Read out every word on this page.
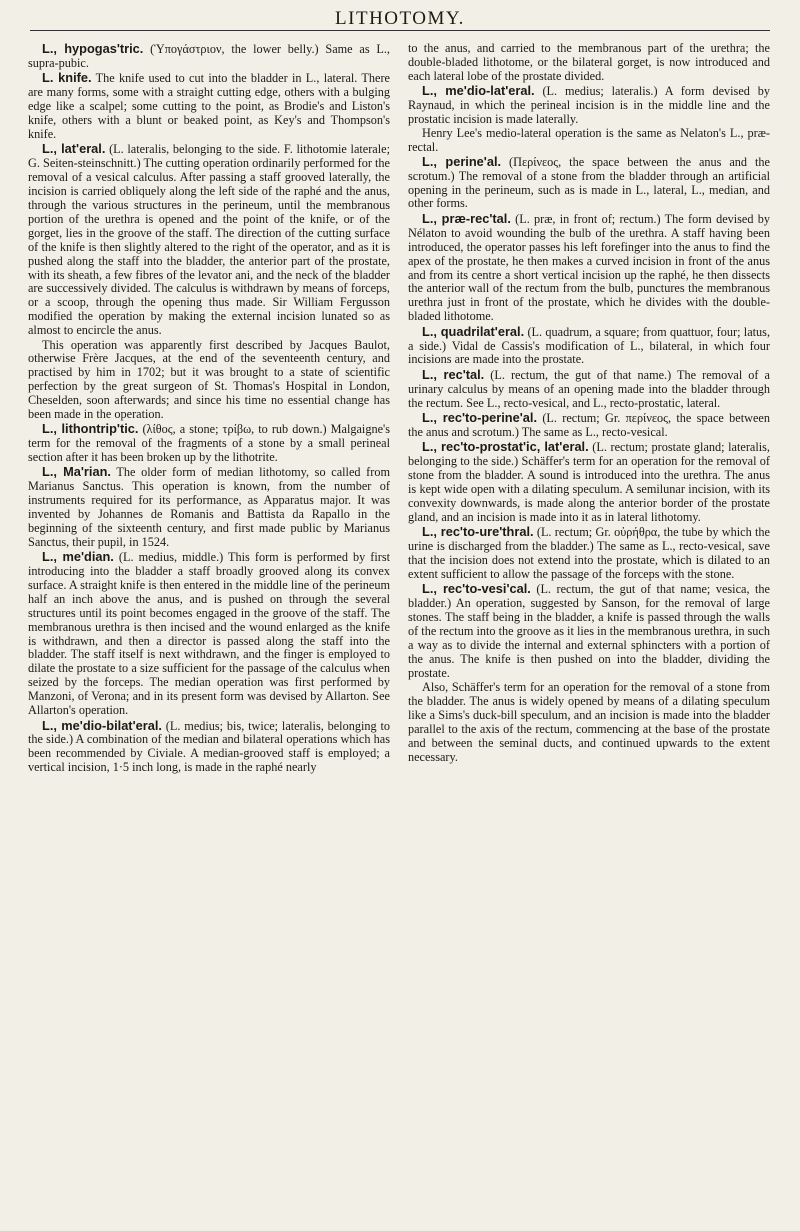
LITHOTOMY.

L., hypogas'tric. (Ὑπογάστριον, the lower belly.) Same as L., supra-pubic.

L. knife. The knife used to cut into the bladder in L., lateral. There are many forms, some with a straight cutting edge, others with a bulging edge like a scalpel; some cutting to the point, as Brodie's and Liston's knife, others with a blunt or beaked point, as Key's and Thompson's knife.

L., lat'eral. (L. lateralis, belonging to the side. F. lithotomie laterale; G. Seiten-steinschnitt.) The cutting operation ordinarily performed for the removal of a vesical calculus. After passing a staff grooved laterally, the incision is carried obliquely along the left side of the raphé and the anus, through the various structures in the perineum, until the membranous portion of the urethra is opened and the point of the knife, or of the gorget, lies in the groove of the staff. The direction of the cutting surface of the knife is then slightly altered to the right of the operator, and as it is pushed along the staff into the bladder, the anterior part of the prostate, with its sheath, a few fibres of the levator ani, and the neck of the bladder are successively divided. The calculus is withdrawn by means of forceps, or a scoop, through the opening thus made. Sir William Fergusson modified the operation by making the external incision lunated so as almost to encircle the anus.

This operation was apparently first described by Jacques Baulot, otherwise Frère Jacques, at the end of the seventeenth century, and practised by him in 1702; but it was brought to a state of scientific perfection by the great surgeon of St. Thomas's Hospital in London, Cheselden, soon afterwards; and since his time no essential change has been made in the operation.

L., lithontrip'tic. (λίθος, a stone; τρίβω, to rub down.) Malgaigne's term for the removal of the fragments of a stone by a small perineal section after it has been broken up by the lithotrite.

L., Ma'rian. The older form of median lithotomy, so called from Marianus Sanctus. This operation is known, from the number of instruments required for its performance, as Apparatus major. It was invented by Johannes de Romanis and Battista da Rapallo in the beginning of the sixteenth century, and first made public by Marianus Sanctus, their pupil, in 1524.

L., me'dian. (L. medius, middle.) This form is performed by first introducing into the bladder a staff broadly grooved along its convex surface. A straight knife is then entered in the middle line of the perineum half an inch above the anus, and is pushed on through the several structures until its point becomes engaged in the groove of the staff. The membranous urethra is then incised and the wound enlarged as the knife is withdrawn, and then a director is passed along the staff into the bladder. The staff itself is next withdrawn, and the finger is employed to dilate the prostate to a size sufficient for the passage of the calculus when seized by the forceps. The median operation was first performed by Manzoni, of Verona; and in its present form was devised by Allarton. See Allarton's operation.

L., me'dio-bilat'eral. (L. medius; bis, twice; lateralis, belonging to the side.) A combination of the median and bilateral operations which has been recommended by Civiale. A median-grooved staff is employed; a vertical incision, 1·5 inch long, is made in the raphé nearly

to the anus, and carried to the membranous part of the urethra; the double-bladed lithotome, or the bilateral gorget, is now introduced and each lateral lobe of the prostate divided.

L., me'dio-lat'eral. (L. medius; lateralis.) A form devised by Raynaud, in which the perineal incision is in the middle line and the prostatic incision is made laterally.

Henry Lee's medio-lateral operation is the same as Nelaton's L., præ-rectal.

L., perine'al. (Περίνεος, the space between the anus and the scrotum.) The removal of a stone from the bladder through an artificial opening in the perineum, such as is made in L., lateral, L., median, and other forms.

L., præ-rec'tal. (L. præ, in front of; rectum.) The form devised by Nélaton to avoid wounding the bulb of the urethra. A staff having been introduced, the operator passes his left forefinger into the anus to find the apex of the prostate, he then makes a curved incision in front of the anus and from its centre a short vertical incision up the raphé, he then dissects the anterior wall of the rectum from the bulb, punctures the membranous urethra just in front of the prostate, which he divides with the double-bladed lithotome.

L., quadrilat'eral. (L. quadrum, a square; from quattuor, four; latus, a side.) Vidal de Cassis's modification of L., bilateral, in which four incisions are made into the prostate.

L., rec'tal. (L. rectum, the gut of that name.) The removal of a urinary calculus by means of an opening made into the bladder through the rectum. See L., recto-vesical, and L., recto-prostatic, lateral.

L., rec'to-perine'al. (L. rectum; Gr. περίνεος, the space between the anus and scrotum.) The same as L., recto-vesical.

L., rec'to-prostat'ic, lat'eral. (L. rectum; prostate gland; lateralis, belonging to the side.) Schäffer's term for an operation for the removal of stone from the bladder. A sound is introduced into the urethra. The anus is kept wide open with a dilating speculum. A semilunar incision, with its convexity downwards, is made along the anterior border of the prostate gland, and an incision is made into it as in lateral lithotomy.

L., rec'to-ure'thral. (L. rectum; Gr. οὐρήθρα, the tube by which the urine is discharged from the bladder.) The same as L., recto-vesical, save that the incision does not extend into the prostate, which is dilated to an extent sufficient to allow the passage of the forceps with the stone.

L., rec'to-vesi'cal. (L. rectum, the gut of that name; vesica, the bladder.) An operation, suggested by Sanson, for the removal of large stones. The staff being in the bladder, a knife is passed through the walls of the rectum into the groove as it lies in the membranous urethra, in such a way as to divide the internal and external sphincters with a portion of the anus. The knife is then pushed on into the bladder, dividing the prostate.

Also, Schäffer's term for an operation for the removal of a stone from the bladder. The anus is widely opened by means of a dilating speculum like a Sims's duck-bill speculum, and an incision is made into the bladder parallel to the axis of the rectum, commencing at the base of the prostate and between the seminal ducts, and continued upwards to the extent necessary.
